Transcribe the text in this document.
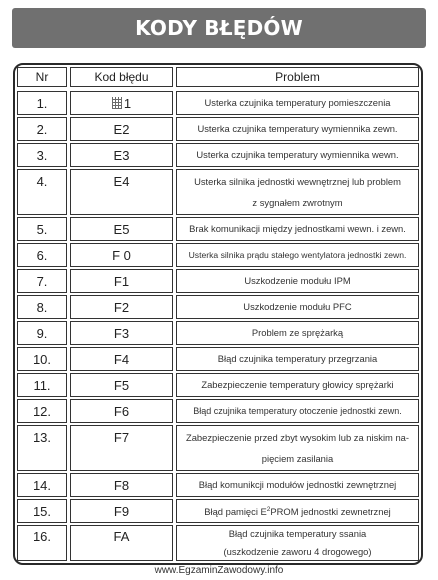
KODY BŁĘDÓW
Nr	Kod błędu	Problem
1.	1	Usterka czujnika temperatury pomieszczenia
2.	E2	Usterka czujnika temperatury wymiennika zewn.
3.	E3	Usterka czujnika temperatury wymiennika wewn.
4.	E4	Usterka silnika jednostki wewnętrznej lub problem
z sygnałem zwrotnym
5.	E5	Brak komunikacji między jednostkami wewn. i zewn.
6.	F 0	Usterka silnika prądu stałego wentylatora jednostki zewn.
7.	F1	Uszkodzenie modułu IPM
8.	F2	Uszkodzenie modułu PFC
9.	F3	Problem ze sprężarką
10.	F4	Błąd czujnika temperatury przegrzania
11.	F5	Zabezpieczenie temperatury głowicy sprężarki
12.	F6	Błąd czujnika temperatury otoczenie jednostki zewn.
13.	F7	Zabezpieczenie przed zbyt wysokim lub za niskim na-
pięciem zasilania
14.	F8	Błąd komunikcji modułów jednostki zewnętrznej
15.	F9	Błąd pamięci $E^2PROM$ jednostki zewnetrznej
16.	FA	Błąd czujnika temperatury ssania
(uszkodzenie zaworu 4 drogowego)
www.EgzaminZawodowy.info
